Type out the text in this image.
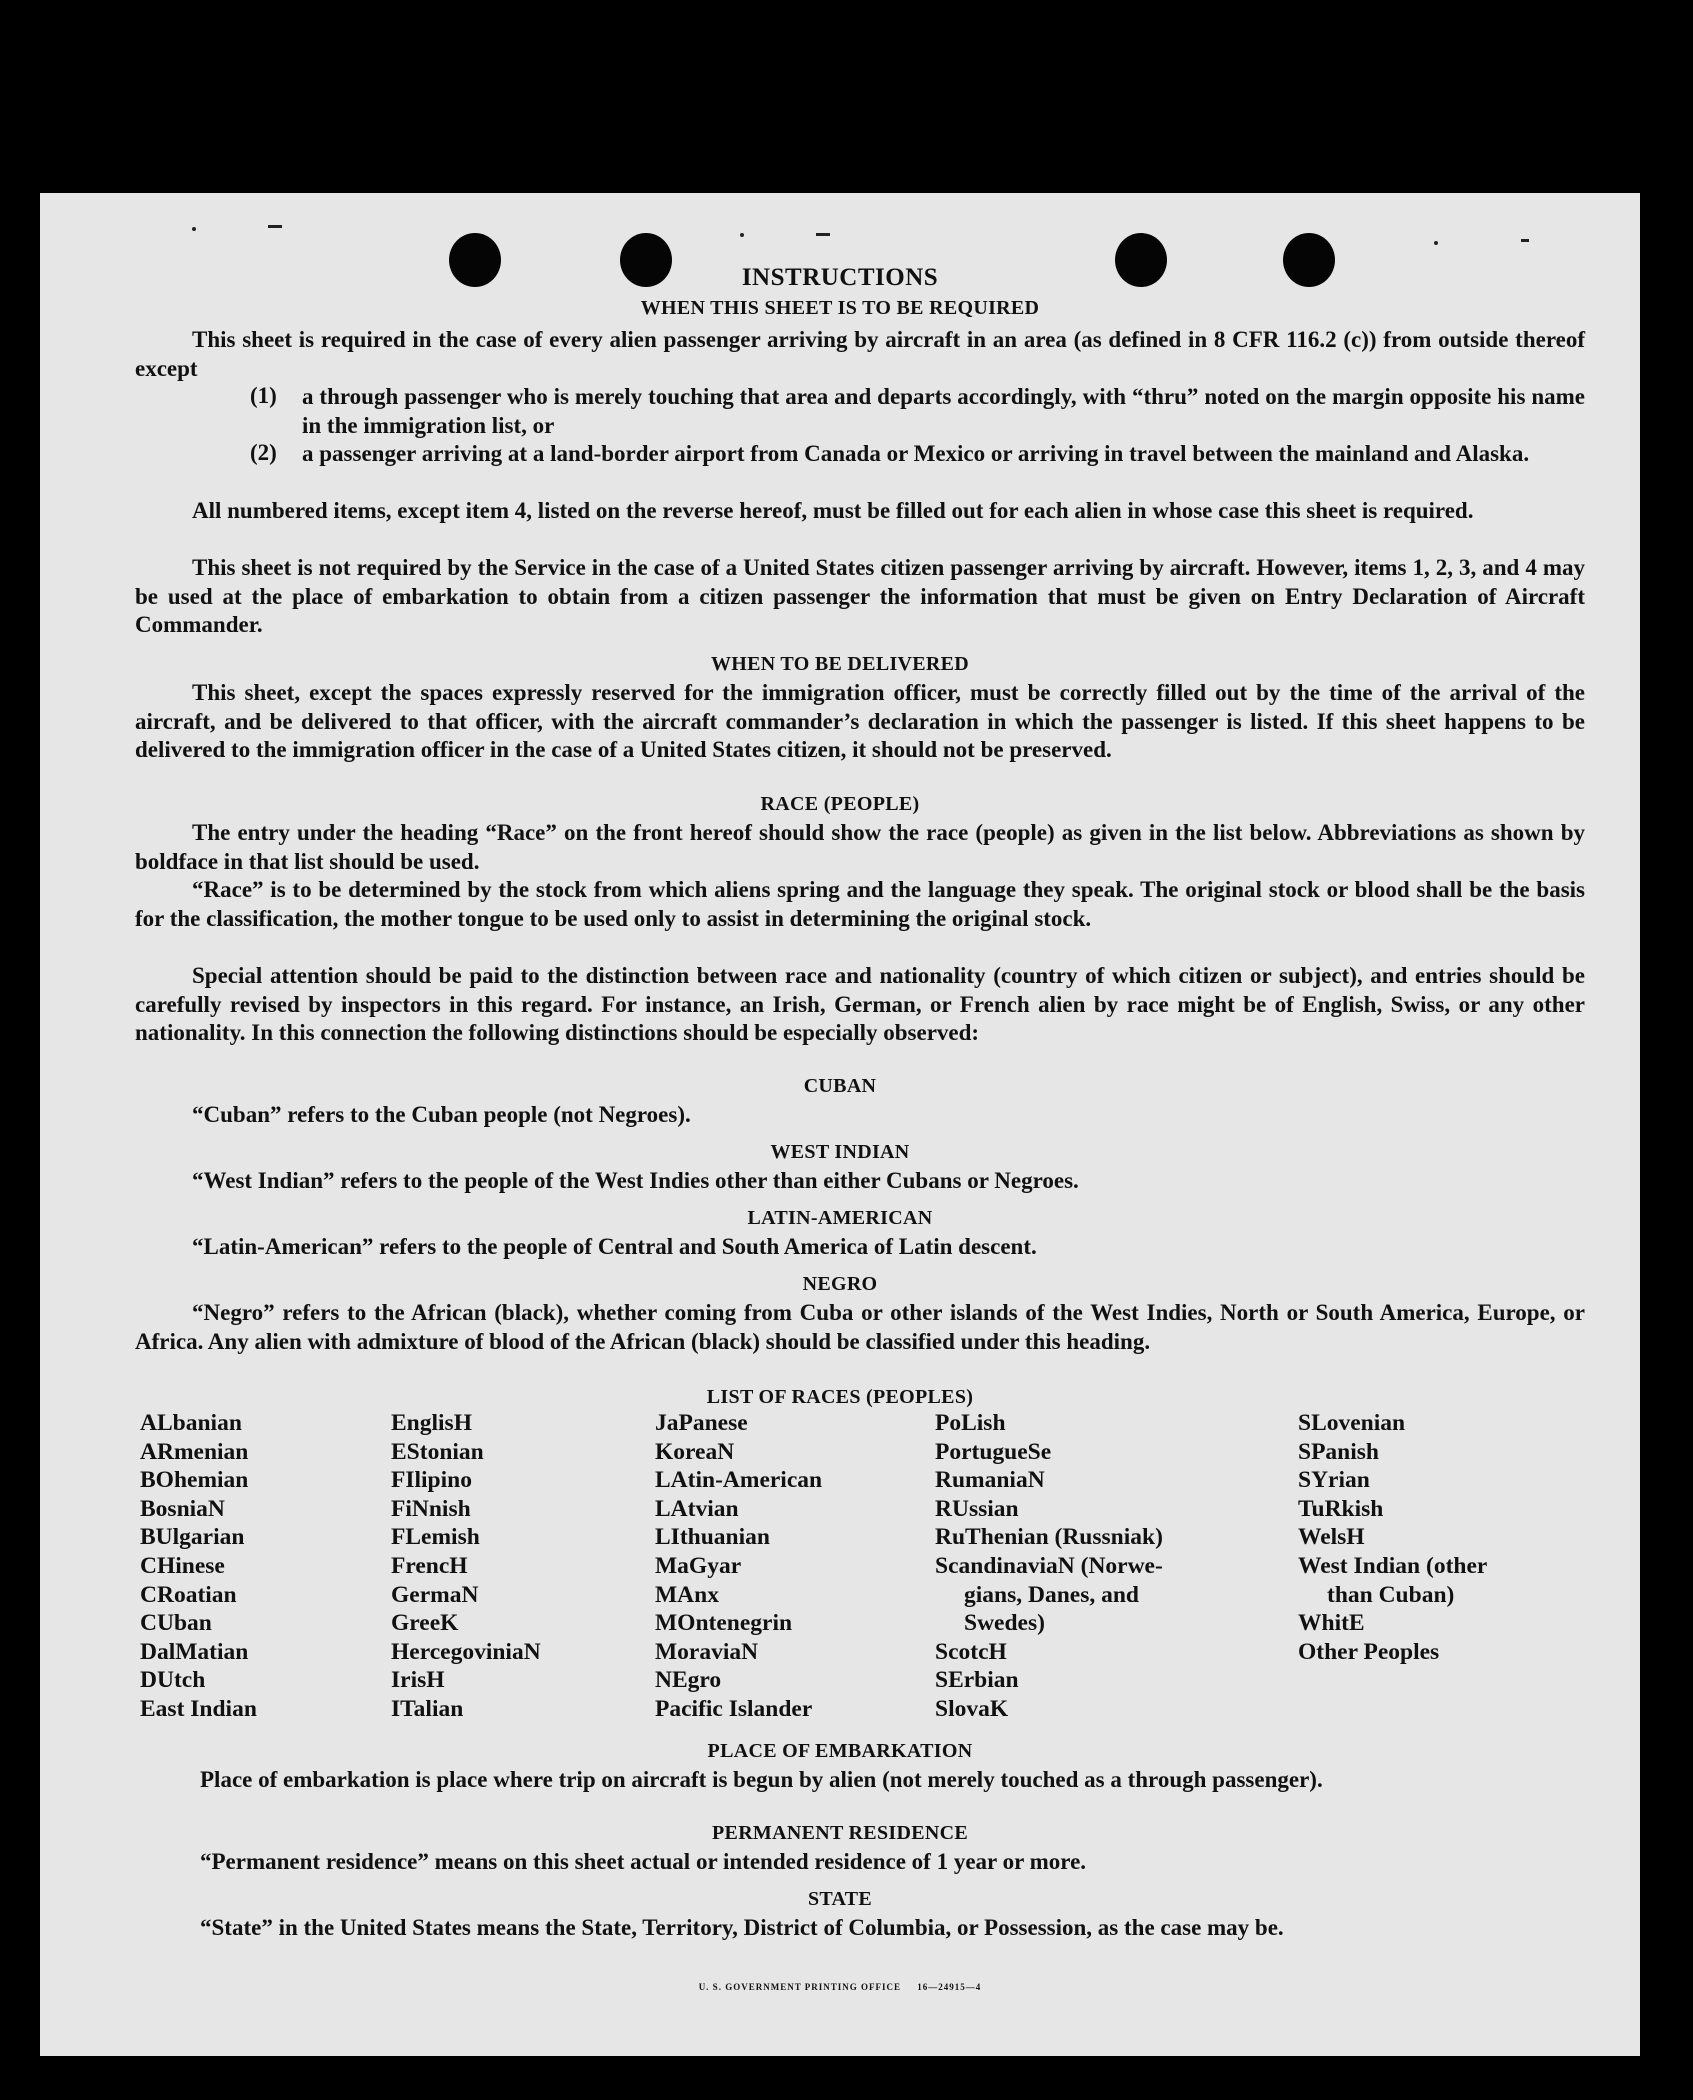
INSTRUCTIONS
WHEN THIS SHEET IS TO BE REQUIRED
This sheet is required in the case of every alien passenger arriving by aircraft in an area (as defined in 8 CFR 116.2 (c)) from outside thereof except
(1) a through passenger who is merely touching that area and departs accordingly, with “thru” noted on the margin opposite his name in the immigration list, or
(2) a passenger arriving at a land-border airport from Canada or Mexico or arriving in travel between the mainland and Alaska.
All numbered items, except item 4, listed on the reverse hereof, must be filled out for each alien in whose case this sheet is required.
This sheet is not required by the Service in the case of a United States citizen passenger arriving by aircraft. However, items 1, 2, 3, and 4 may be used at the place of embarkation to obtain from a citizen passenger the information that must be given on Entry Declaration of Aircraft Commander.
WHEN TO BE DELIVERED
This sheet, except the spaces expressly reserved for the immigration officer, must be correctly filled out by the time of the arrival of the aircraft, and be delivered to that officer, with the aircraft commander’s declaration in which the passenger is listed. If this sheet happens to be delivered to the immigration officer in the case of a United States citizen, it should not be preserved.
RACE (PEOPLE)
The entry under the heading “Race” on the front hereof should show the race (people) as given in the list below. Abbreviations as shown by boldface in that list should be used.
“Race” is to be determined by the stock from which aliens spring and the language they speak. The original stock or blood shall be the basis for the classification, the mother tongue to be used only to assist in determining the original stock.
Special attention should be paid to the distinction between race and nationality (country of which citizen or subject), and entries should be carefully revised by inspectors in this regard. For instance, an Irish, German, or French alien by race might be of English, Swiss, or any other nationality. In this connection the following distinctions should be especially observed:
CUBAN
“Cuban” refers to the Cuban people (not Negroes).
WEST INDIAN
“West Indian” refers to the people of the West Indies other than either Cubans or Negroes.
LATIN-AMERICAN
“Latin-American” refers to the people of Central and South America of Latin descent.
NEGRO
“Negro” refers to the African (black), whether coming from Cuba or other islands of the West Indies, North or South America, Europe, or Africa. Any alien with admixture of blood of the African (black) should be classified under this heading.
LIST OF RACES (PEOPLES)
ALbanian
ARmenian
BOhemian
BosniaN
BUlgarian
CHinese
CRoatian
CUban
DalMatian
DUtch
East Indian
EnglisH
EStonian
FIlipino
FiNnish
FLemish
FrencH
GermaN
GreeK
HercegoviniaN
IrisH
ITalian
JaPanese
KoreaN
LAtin-American
LAtvian
LIthuanian
MaGyar
MAnx
MOntenegrin
MoraviaN
NEgro
Pacific Islander
PoLish
PortugueSe
RumaniaN
RUssian
RuThenian (Russniak)
ScandinaviaN (Norwe-
gians, Danes, and
Swedes)
ScotcH
SErbian
SlovaK
SLovenian
SPanish
SYrian
TuRkish
WelsH
West Indian (other
than Cuban)
WhitE
Other Peoples
PLACE OF EMBARKATION
Place of embarkation is place where trip on aircraft is begun by alien (not merely touched as a through passenger).
PERMANENT RESIDENCE
“Permanent residence” means on this sheet actual or intended residence of 1 year or more.
STATE
“State” in the United States means the State, Territory, District of Columbia, or Possession, as the case may be.
U. S. GOVERNMENT PRINTING OFFICE     16—24915—4
